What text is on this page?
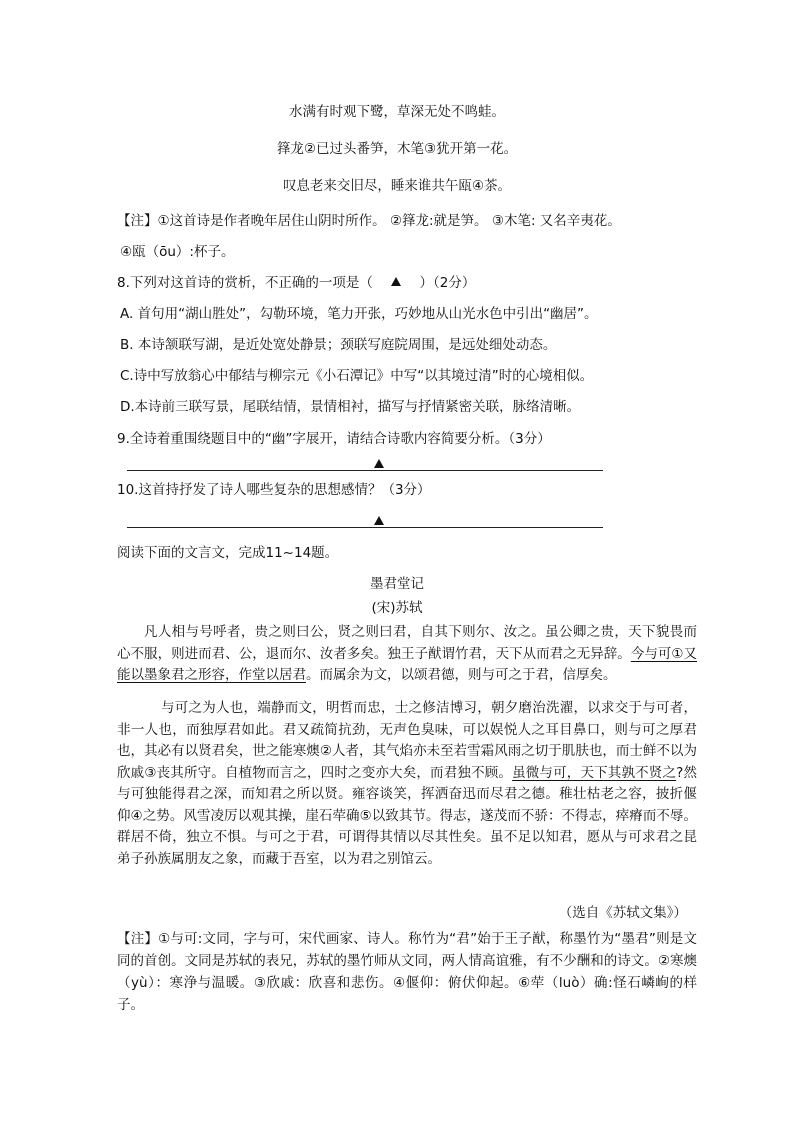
水满有时观下鹭，草深无处不鸣蛙。
箨龙②已过头番笋，木笔③犹开第一花。
叹息老来交旧尽，睡来谁共午瓯④茶。
【注】①这首诗是作者晚年居住山阴时所作。 ②箨龙:就是笋。 ③木笔: 又名辛夷花。
④瓯（ōu）:杯子。
8.下列对这首诗的赏析，不正确的一项是（	）（2分）
A. 首句用“湖山胜处”，勾勒环境，笔力开张，巧妙地从山光水色中引出“幽居”。
B. 本诗颔联写湖，是近处宽处静景；颈联写庭院周围，是远处细处动态。
C.诗中写放翁心中郁结与柳宗元《小石潭记》中写“以其境过清”时的心境相似。
D.本诗前三联写景，尾联结情，景情相衬，描写与抒情紧密关联，脉络清晰。
9.全诗着重围绕题目中的“幽”字展开，请结合诗歌内容简要分析。（3分）
10.这首持抒发了诗人哪些复杂的思想感情？（3分）
阅读下面的文言文，完成11~14题。
墨君堂记
(宋)苏轼
凡人相与号呼者，贵之则曰公，贤之则曰君，自其下则尔、汝之。虽公卿之贵，天下貌畏而心不服，则进而君、公，退而尔、汝者多矣。独王子猷谓竹君，天下从而君之无异辞。今与可①又能以墨象君之形容，作堂以居君。而属余为文，以颂君德，则与可之于君，信厚矣。
与可之为人也，端静而文，明哲而忠，士之修洁博习，朝夕磨治洗濯，以求交于与可者，非一人也，而独厚君如此。君又疏简抗劲，无声色臭味，可以娱悦人之耳目鼻口，则与可之厚君也，其必有以贤君矣，世之能寒燠②人者，其气焰亦未至若雪霜风雨之切于肌肤也，而士鲜不以为欣戚③丧其所守。自植物而言之，四时之变亦大矣，而君独不顾。虽微与可，天下其孰不贤之?然与可独能得君之深，而知君之所以贤。雍容谈笑，挥洒奋迅而尽君之德。稚壮枯老之容，披折偃仰④之势。风雪凌厉以观其操，崖石荦确⑤以致其节。得志，遂茂而不骄：不得志，瘁瘠而不辱。群居不倚，独立不惧。与可之于君，可谓得其情以尽其性矣。虽不足以知君，愿从与可求君之昆弟子孙族属朋友之象，而藏于吾室，以为君之别馆云。
（选自《苏轼文集》）
【注】①与可:文同，字与可，宋代画家、诗人。称竹为“君”始于王子猷，称墨竹为“墨君”则是文同的首创。文同是苏轼的表兄，苏轼的墨竹师从文同，两人情高谊雅，有不少酬和的诗文。②寒燠（yù）：寒浄与温暖。③欣戚：欣喜和悲伤。④偃仰：俯伏仰起。⑥荦（luò）确:怪石嶙峋的样子。
